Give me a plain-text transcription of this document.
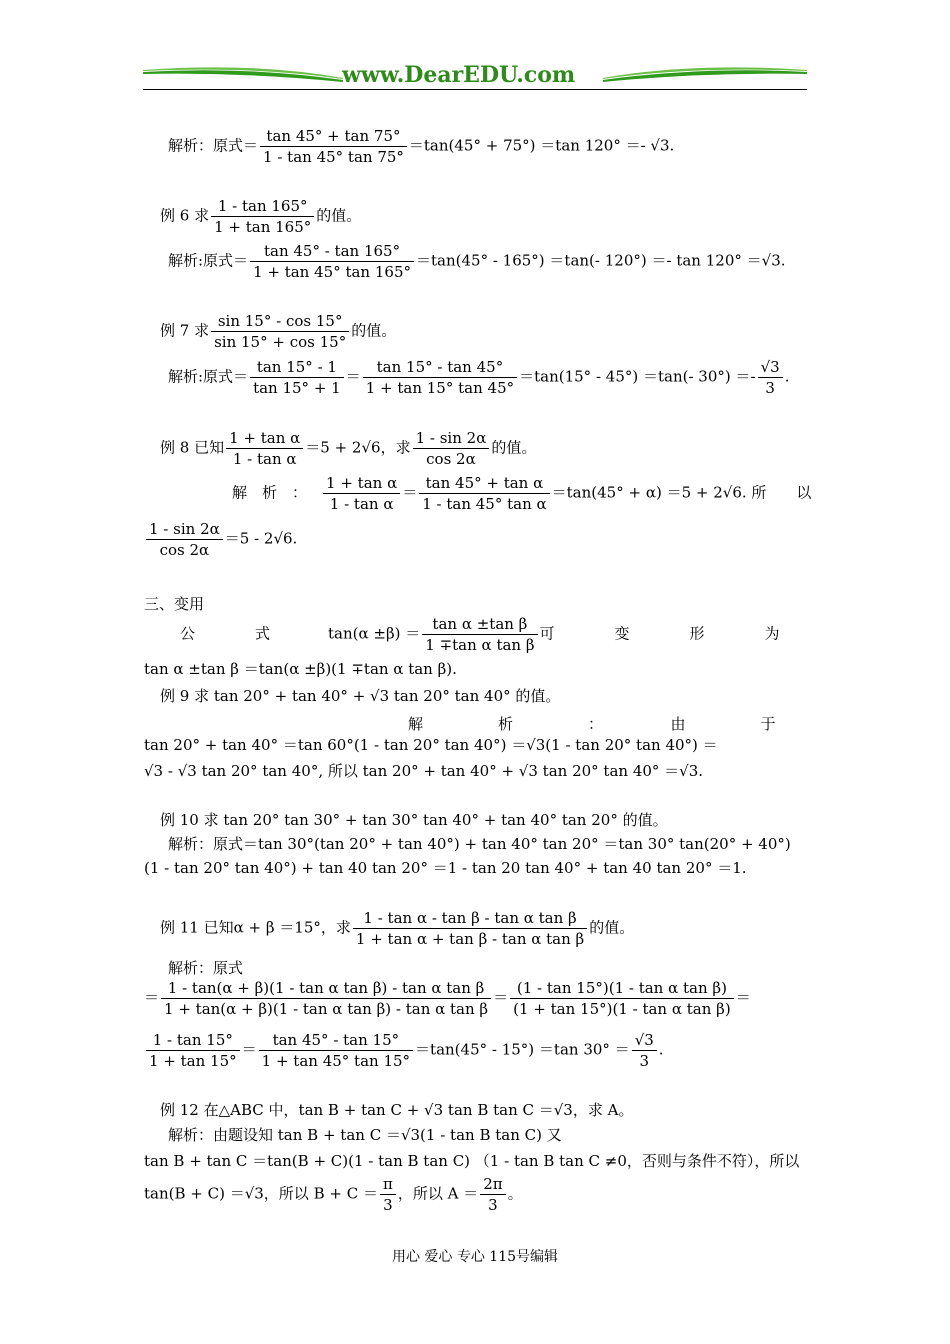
www.DearEDU.com
解析：原式＝ $\frac{\tan 45^\circ + \tan 75^\circ}{1 - \tan 45^\circ \tan 75^\circ} =\tan(45^\circ + 75^\circ) =\tan$ 120° ＝- √3.
例 6 求 $\frac{1 - \tan 165^\circ}{1 + \tan 165^\circ}$ 的值。
解析:原式＝ $\frac{\tan 45^\circ - \tan 165^\circ}{1 + \tan 45^\circ \tan 165^\circ} =\tan(45^\circ - 165^\circ) =\tan(-$ 120°) ＝- tan 120° ＝√3.
例 7 求 $\frac{\sin 15^\circ - \cos 15^\circ}{\sin 15^\circ + \cos 15^\circ}$ 的值。
解析:原式＝ $\frac{\tan 15^\circ - 1}{\tan 15^\circ + 1} = \frac{\tan 15^\circ - \tan 45^\circ}{1 + \tan 15^\circ \tan 45^\circ} =\tan(15^\circ - 45^\circ) =\tan(-$ $30^\circ) =- \frac{√3}{3}$ .
例 8 已知 $\frac{\text{1 + tan α}}{\text{1 - tan α}} =5 + 2√6$，求 $\frac{1 - \sin 2\alpha}{\cos 2\alpha}$ 的值。
解　析　： $\frac{\text{1 + tan α}}{\text{1 - tan α}} = \frac{\text{tan 45° + tan α}}{\text{1 - tan 45° tan α}} =\tan(45^\circ + \alpha) =5 + 2√6$. 所　　以
$\frac{1 - \sin 2\alpha}{\cos 2\alpha} =5 - 2√6$.
三、变用
公　　　　式	$\tan(\alpha \pm\beta) = \frac{\text{tan α ±tan β}}{\text{1 ∓tan α tan β}}$ 可　　　　变　　　　形　　　　为
tan α ±tan β ＝tan(α ±β)(1 ∓tan α tan β).
例 9 求 tan 20° + tan 40° + √3 tan 20° tan 40° 的值。
解　　　　　析　　　　　：　　　　　由　　　　　于
tan 20° + tan 40° ＝tan 60°(1 - tan 20° tan 40°) ＝√3(1 - tan 20° tan 40°) ＝
√3 - √3 tan 20° tan 40°, 所以 tan 20° + tan 40° + √3 tan 20° tan 40° ＝√3.
例 10 求 tan 20° tan 30° + tan 30° tan 40° + tan 40° tan 20° 的值。
解析：原式＝tan 30°(tan 20° + tan 40°) + tan 40° tan 20° ＝tan 30° tan(20° + 40°)
(1 - tan 20° tan 40°) + tan 40 tan 20° ＝1 - tan 20 tan 40° + tan 40 tan 20° ＝1.
例 11 已知α + β ＝15°，求 $\frac{\text{1 - tan α - tan β - tan α tan β}}{\text{1 + tan α + tan β - tan α tan β}}$ 的值。
解析：原式
＝ $\frac{\text{1 - tan(α + β)(1 - tan α tan β) - tan α tan β}}{\text{1 + tan(α + β)(1 - tan α tan β) - tan α tan β}} = \frac{\text{(1 - tan 15°)(1 - tan α tan β)}}{\text{(1 + tan 15°)(1 - tan α tan β)}}$ ＝
$\frac{1 - \tan 15^\circ}{1 + \tan 15^\circ} = \frac{\tan 45^\circ - \tan 15^\circ}{1 + \tan 45^\circ \tan 15^\circ} =\tan(45^\circ - 15^\circ) =\tan$ $30^\circ = \frac{√3}{3}$ .
例 12 在△ABC 中，tan B + tan C + √3 tan B tan C ＝√3，求 A。
解析：由题设知 tan B + tan C ＝√3(1 - tan B tan C) 又
tan B + tan C ＝tan(B + C)(1 - tan B tan C) （1 - tan B tan C ≠0，否则与条件不符），所以
tan(B + C) ＝√3，所以 $B + C = \frac{\pi}{3}$ ，所以 $A = \frac{2\pi}{3}$ 。
用心 爱心 专心 115号编辑
